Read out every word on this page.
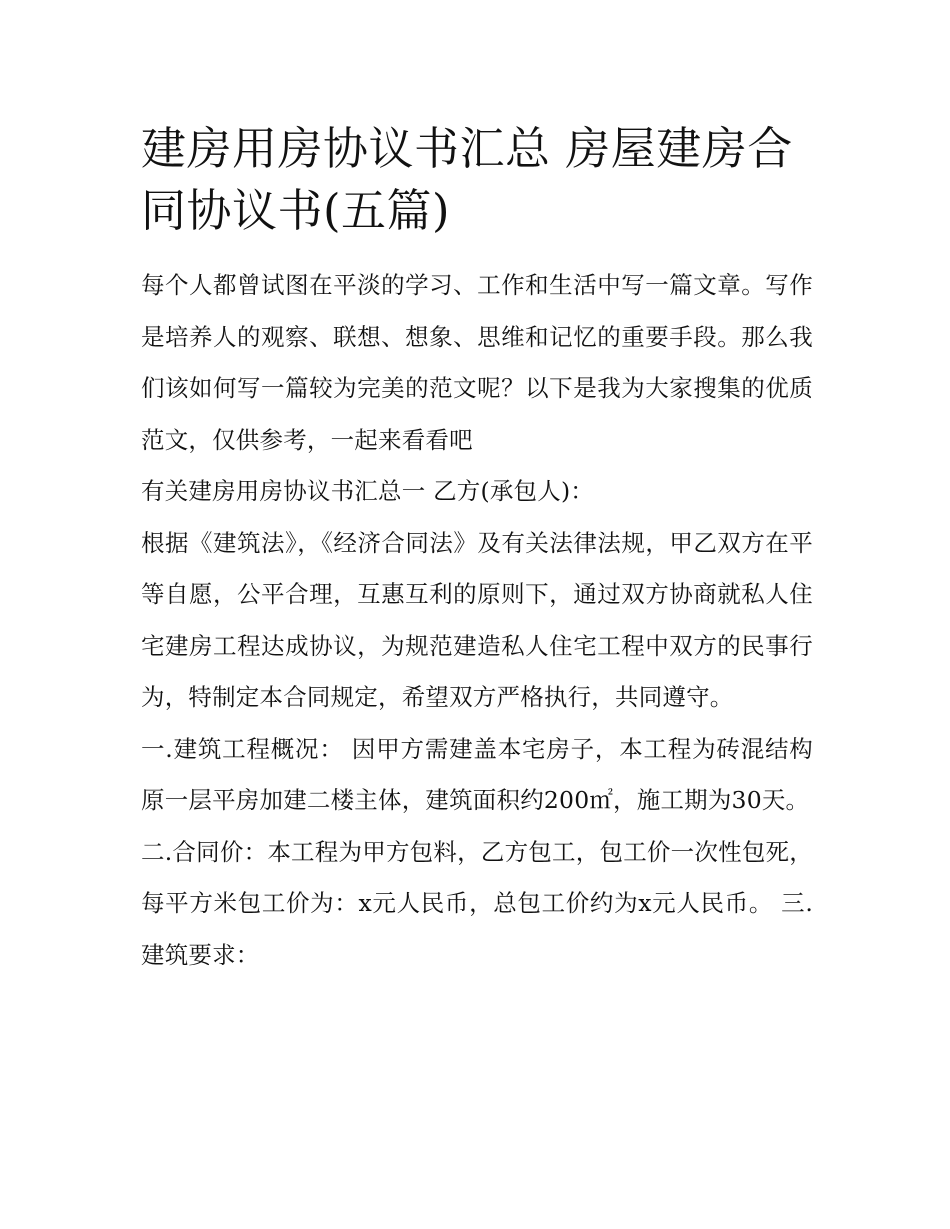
建房用房协议书汇总 房屋建房合同协议书(五篇)

每个人都曾试图在平淡的学习、工作和生活中写一篇文章。写作是培养人的观察、联想、想象、思维和记忆的重要手段。那么我们该如何写一篇较为完美的范文呢？以下是我为大家搜集的优质范文，仅供参考，一起来看看吧

有关建房用房协议书汇总一 乙方(承包人)：

根据《建筑法》，《经济合同法》及有关法律法规，甲乙双方在平等自愿，公平合理，互惠互利的原则下，通过双方协商就私人住宅建房工程达成协议，为规范建造私人住宅工程中双方的民事行为，特制定本合同规定，希望双方严格执行，共同遵守。

一.建筑工程概况： 因甲方需建盖本宅房子，本工程为砖混结构原一层平房加建二楼主体，建筑面积约200㎡，施工期为30天。

二.合同价：本工程为甲方包料，乙方包工，包工价一次性包死，每平方米包工价为：x元人民币，总包工价约为x元人民币。 三.建筑要求：
